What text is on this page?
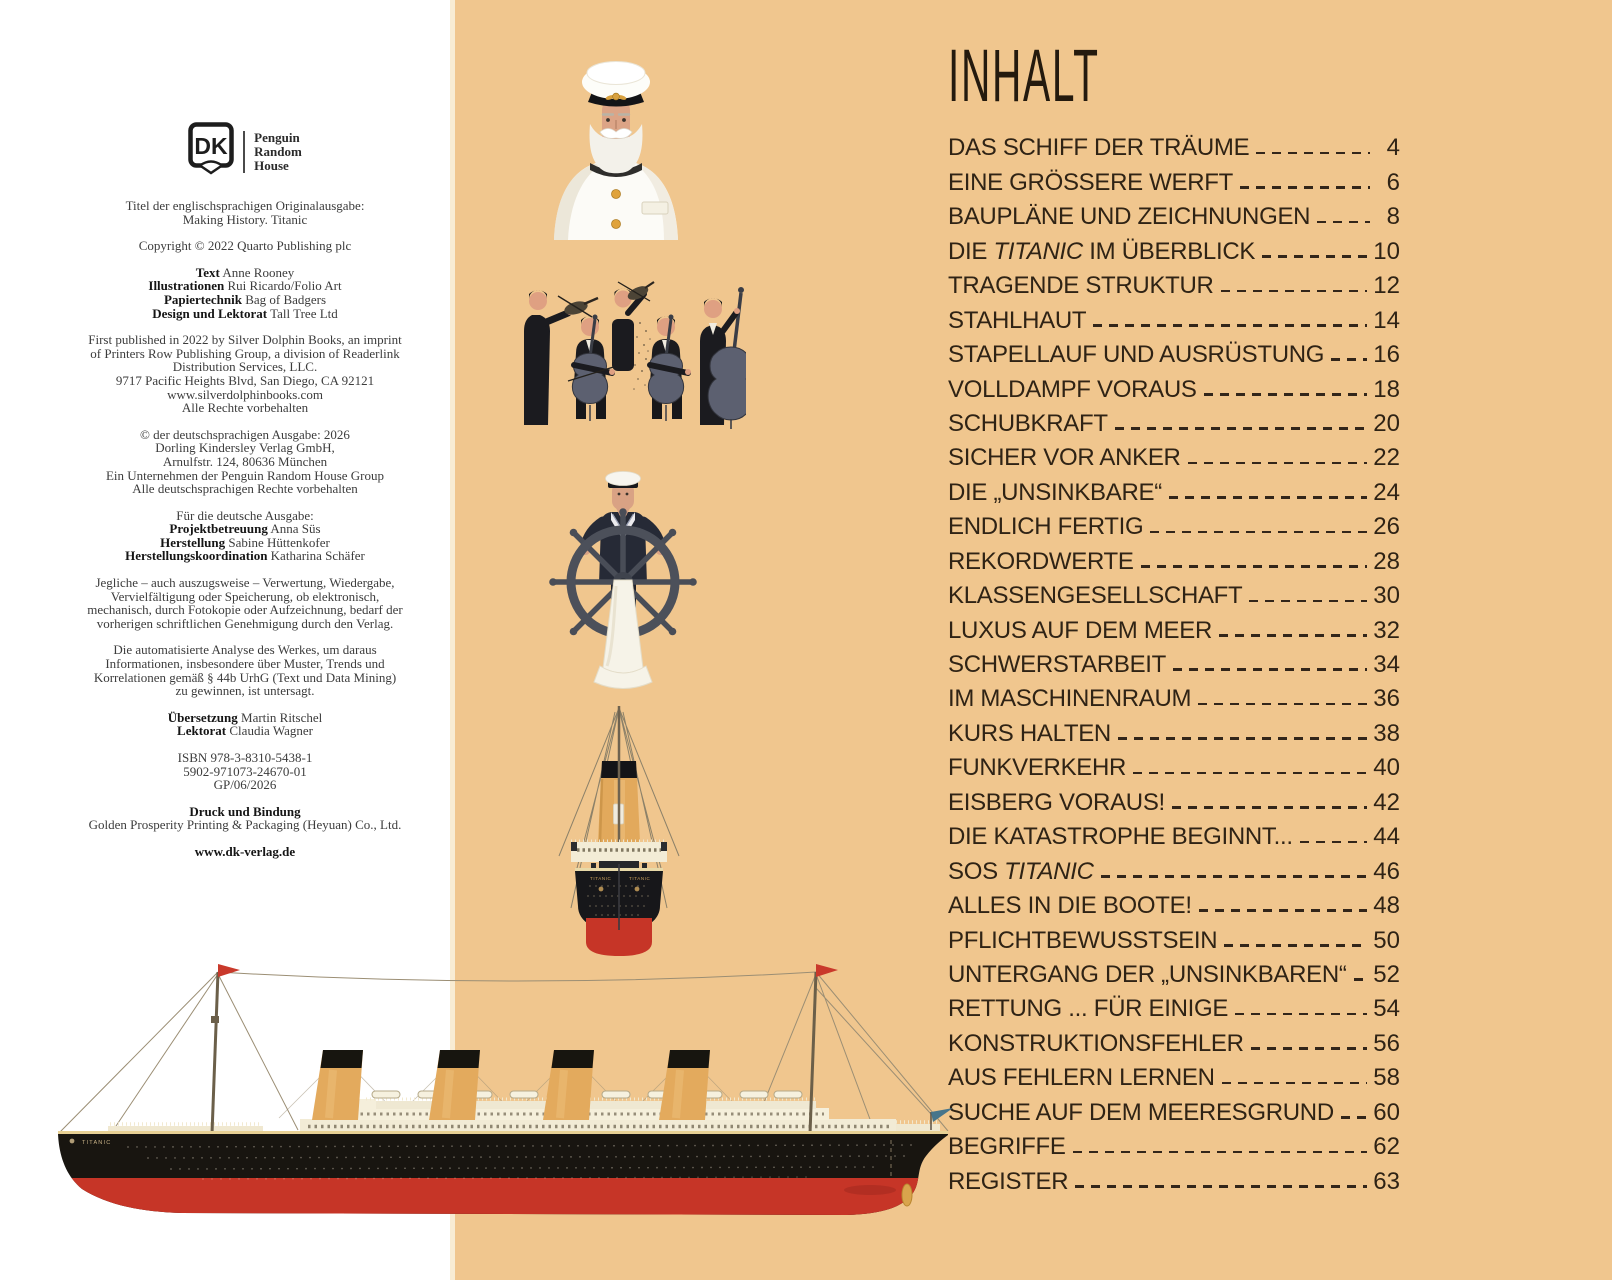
DK Penguin
Random
House

Titel der englischsprachigen Originalausgabe:
Making History. Titanic

Copyright © 2022 Quarto Publishing plc

Text Anne Rooney
Illustrationen Rui Ricardo/Folio Art
Papiertechnik Bag of Badgers
Design und Lektorat Tall Tree Ltd

First published in 2022 by Silver Dolphin Books, an imprint
of Printers Row Publishing Group, a division of Readerlink
Distribution Services, LLC.
9717 Pacific Heights Blvd, San Diego, CA 92121
www.silverdolphinbooks.com
Alle Rechte vorbehalten

© der deutschsprachigen Ausgabe: 2026
Dorling Kindersley Verlag GmbH,
Arnulfstr. 124, 80636 München
Ein Unternehmen der Penguin Random House Group
Alle deutschsprachigen Rechte vorbehalten

Für die deutsche Ausgabe:
Projektbetreuung Anna Süs
Herstellung Sabine Hüttenkofer
Herstellungskoordination Katharina Schäfer

Jegliche – auch auszugsweise – Verwertung, Wiedergabe,
Vervielfältigung oder Speicherung, ob elektronisch,
mechanisch, durch Fotokopie oder Aufzeichnung, bedarf der
vorherigen schriftlichen Genehmigung durch den Verlag.

Die automatisierte Analyse des Werkes, um daraus
Informationen, insbesondere über Muster, Trends und
Korrelationen gemäß § 44b UrhG (Text und Data Mining)
zu gewinnen, ist untersagt.

Übersetzung Martin Ritschel
Lektorat Claudia Wagner

ISBN 978-3-8310-5438-1
5902-971073-24670-01
GP/06/2026

Druck und Bindung
Golden Prosperity Printing & Packaging (Heyuan) Co., Ltd.

www.dk-verlag.de

INHALT
DAS SCHIFF DER TRÄUME	4
EINE GRÖSSERE WERFT	6
BAUPLÄNE UND ZEICHNUNGEN	8
DIE TITANIC IM ÜBERBLICK	10
TRAGENDE STRUKTUR	12
STAHLHAUT	14
STAPELLAUF UND AUSRÜSTUNG 16
VOLLDAMPF VORAUS	18
SCHUBKRAFT	20
SICHER VOR ANKER	22
DIE „UNSINKBARE“	24
ENDLICH FERTIG	26
REKORDWERTE	28
KLASSENGESELLSCHAFT	30
LUXUS AUF DEM MEER	32
SCHWERSTARBEIT	34
IM MASCHINENRAUM	36
KURS HALTEN	38
FUNKVERKEHR	40
EISBERG VORAUS!	42
DIE KATASTROPHE BEGINNT...	44
SOS TITANIC	46
ALLES IN DIE BOOTE!	48
PFLICHTBEWUSSTSEIN	50
UNTERGANG DER „UNSINKBAREN“ 52
RETTUNG ... FÜR EINIGE	54
KONSTRUKTIONSFEHLER	56
AUS FEHLERN LERNEN	58
SUCHE AUF DEM MEERESGRUND 60
BEGRIFFE	62
REGISTER	63
TITANIC	TITANIC
TITANIC
